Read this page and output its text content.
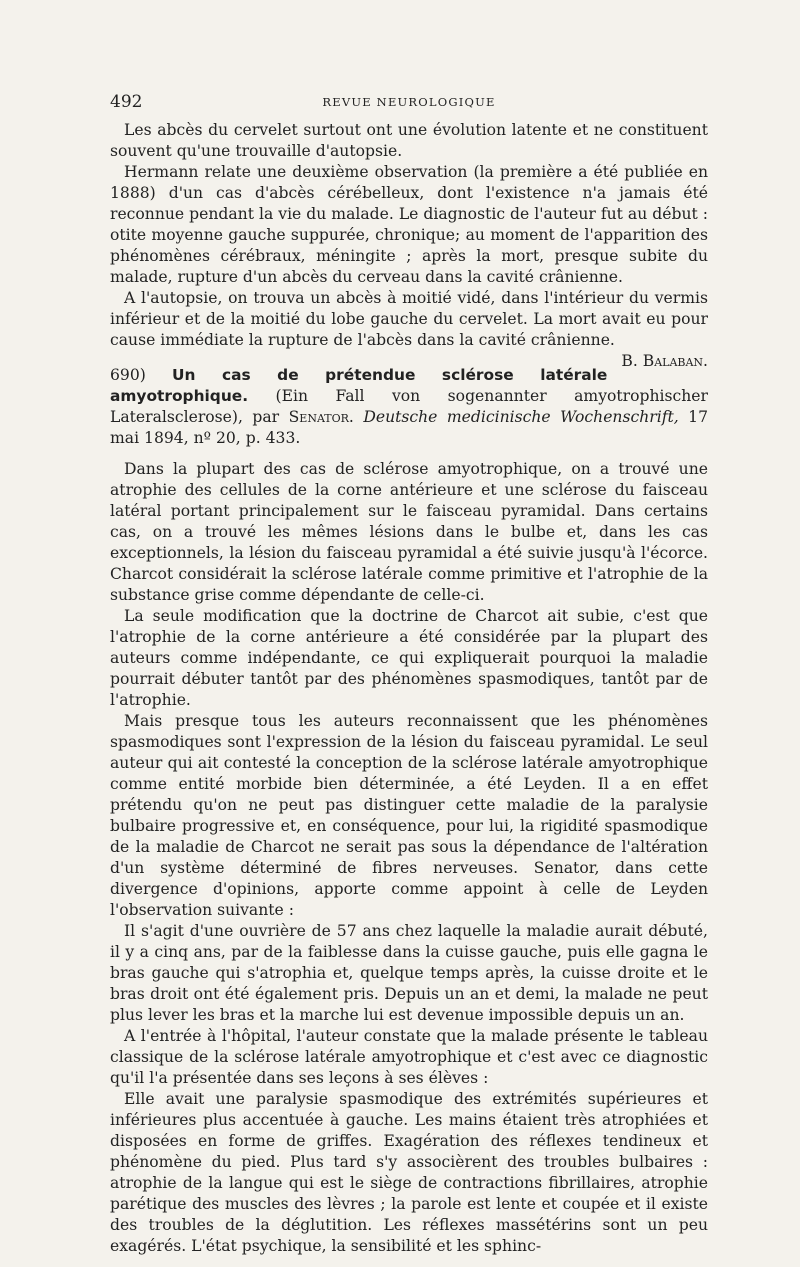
492	REVUE NEUROLOGIQUE

Les abcès du cervelet surtout ont une évolution latente et ne constituent souvent qu'une trouvaille d'autopsie.

Hermann relate une deuxième observation (la première a été publiée en 1888) d'un cas d'abcès cérébelleux, dont l'existence n'a jamais été reconnue pendant la vie du malade. Le diagnostic de l'auteur fut au début : otite moyenne gauche suppurée, chronique; au moment de l'apparition des phénomènes cérébraux, méningite ; après la mort, presque subite du malade, rupture d'un abcès du cerveau dans la cavité crânienne.

A l'autopsie, on trouva un abcès à moitié vidé, dans l'intérieur du vermis inférieur et de la moitié du lobe gauche du cervelet. La mort avait eu pour cause immédiate la rupture de l'abcès dans la cavité crânienne.
B. Balaban.

690) Un cas de prétendue sclérose latérale amyotrophique. (Ein Fall von sogenannter amyotrophischer Lateralsclerose), par Senator. Deutsche medicinische Wochenschrift, 17 mai 1894, nº 20, p. 433.

Dans la plupart des cas de sclérose amyotrophique, on a trouvé une atrophie des cellules de la corne antérieure et une sclérose du faisceau latéral portant principalement sur le faisceau pyramidal. Dans certains cas, on a trouvé les mêmes lésions dans le bulbe et, dans les cas exceptionnels, la lésion du faisceau pyramidal a été suivie jusqu'à l'écorce. Charcot considérait la sclérose latérale comme primitive et l'atrophie de la substance grise comme dépendante de celle-ci.

La seule modification que la doctrine de Charcot ait subie, c'est que l'atrophie de la corne antérieure a été considérée par la plupart des auteurs comme indépendante, ce qui expliquerait pourquoi la maladie pourrait débuter tantôt par des phénomènes spasmodiques, tantôt par de l'atrophie.

Mais presque tous les auteurs reconnaissent que les phénomènes spasmodiques sont l'expression de la lésion du faisceau pyramidal. Le seul auteur qui ait contesté la conception de la sclérose latérale amyotrophique comme entité morbide bien déterminée, a été Leyden. Il a en effet prétendu qu'on ne peut pas distinguer cette maladie de la paralysie bulbaire progressive et, en conséquence, pour lui, la rigidité spasmodique de la maladie de Charcot ne serait pas sous la dépendance de l'altération d'un système déterminé de fibres nerveuses. Senator, dans cette divergence d'opinions, apporte comme appoint à celle de Leyden l'observation suivante :

Il s'agit d'une ouvrière de 57 ans chez laquelle la maladie aurait débuté, il y a cinq ans, par de la faiblesse dans la cuisse gauche, puis elle gagna le bras gauche qui s'atrophia et, quelque temps après, la cuisse droite et le bras droit ont été également pris. Depuis un an et demi, la malade ne peut plus lever les bras et la marche lui est devenue impossible depuis un an.

A l'entrée à l'hôpital, l'auteur constate que la malade présente le tableau classique de la sclérose latérale amyotrophique et c'est avec ce diagnostic qu'il l'a présentée dans ses leçons à ses élèves :

Elle avait une paralysie spasmodique des extrémités supérieures et inférieures plus accentuée à gauche. Les mains étaient très atrophiées et disposées en forme de griffes. Exagération des réflexes tendineux et phénomène du pied. Plus tard s'y associèrent des troubles bulbaires : atrophie de la langue qui est le siège de contractions fibrillaires, atrophie parétique des muscles des lèvres ; la parole est lente et coupée et il existe des troubles de la déglutition. Les réflexes massétérins sont un peu exagérés. L'état psychique, la sensibilité et les sphinc-
